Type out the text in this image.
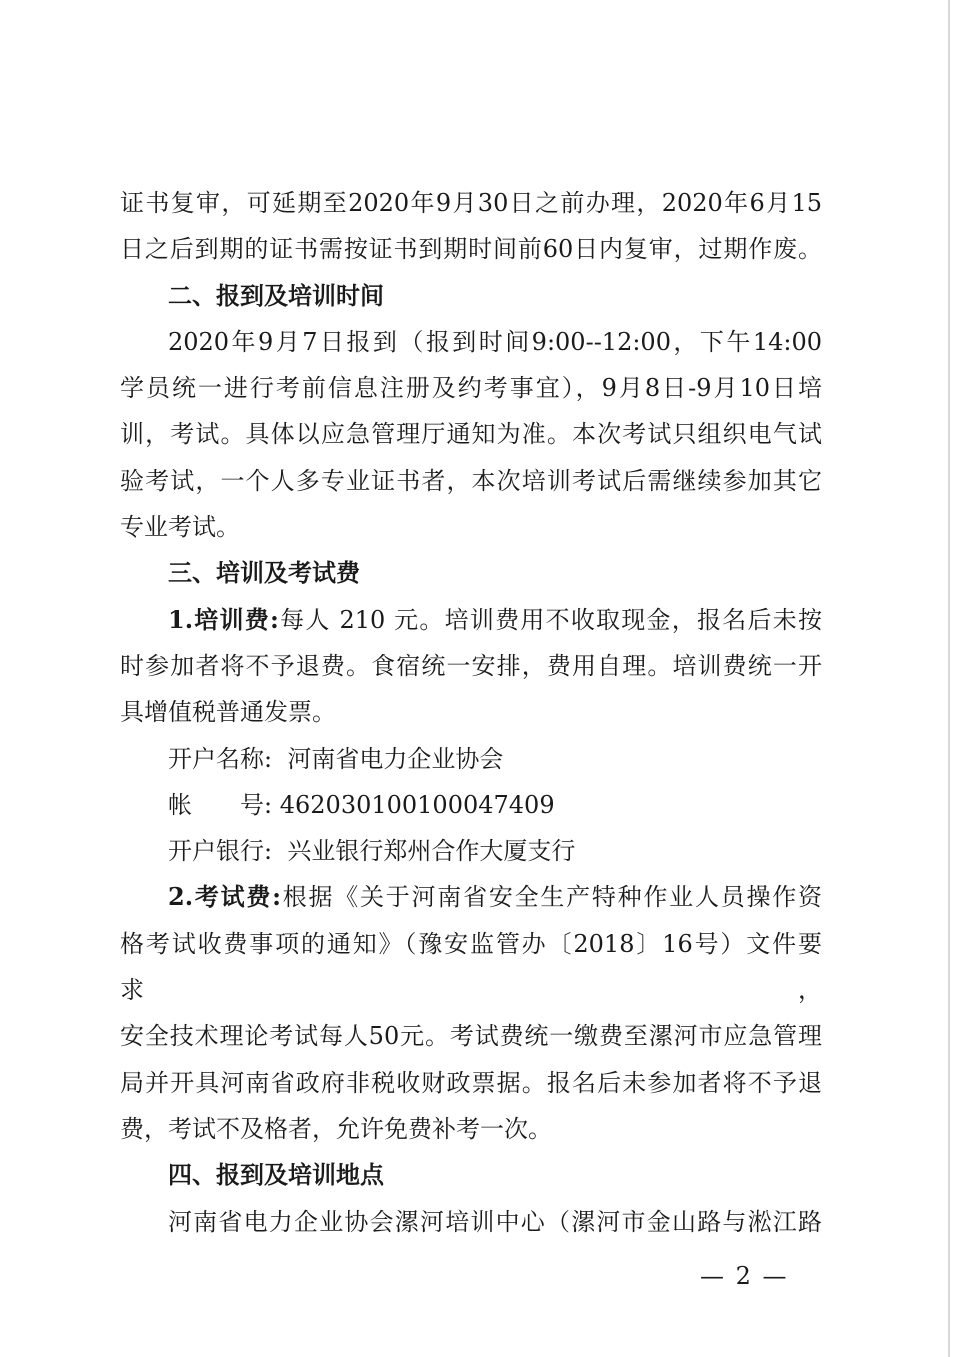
证书复审，可延期至2020年9月30日之前办理，2020年6月15

日之后到期的证书需按证书到期时间前60日内复审，过期作废。

二、报到及培训时间

2020年9月7日报到（报到时间9:00--12:00，下午14:00

学员统一进行考前信息注册及约考事宜），9月8日-9月10日培

训，考试。具体以应急管理厅通知为准。本次考试只组织电气试

验考试，一个人多专业证书者，本次培训考试后需继续参加其它

专业考试。

三、培训及考试费

1.培训费:每人 210 元。培训费用不收取现金，报名后未按

时参加者将不予退费。食宿统一安排，费用自理。培训费统一开

具增值税普通发票。

开户名称: 河南省电力企业协会

帐　　号: 462030100100047409

开户银行: 兴业银行郑州合作大厦支行

2.考试费:根据《关于河南省安全生产特种作业人员操作资

格考试收费事项的通知》（豫安监管办〔2018〕16号）文件要求，

安全技术理论考试每人50元。考试费统一缴费至漯河市应急管理

局并开具河南省政府非税收财政票据。报名后未参加者将不予退

费，考试不及格者，允许免费补考一次。

四、报到及培训地点

河南省电力企业协会漯河培训中心（漯河市金山路与淞江路

— 2 —
